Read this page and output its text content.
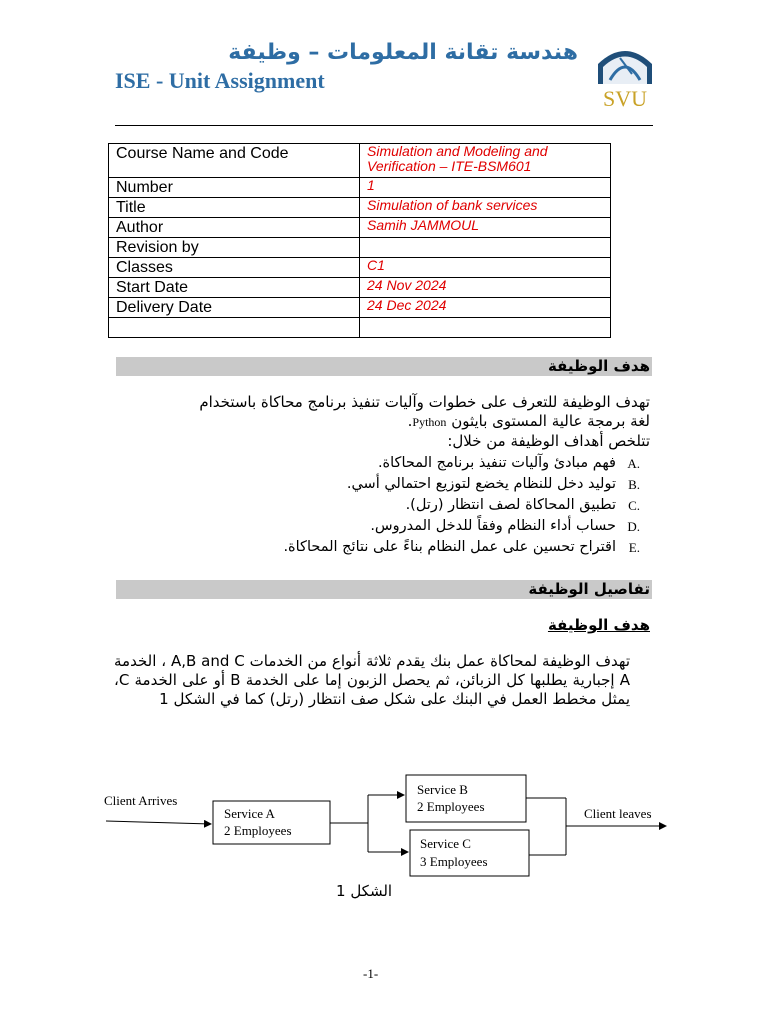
هندسة تقانة المعلومات – وظيفة
ISE - Unit Assignment
SVU
Course Name and Code	Simulation and Modeling and Verification – ITE-BSM601
Number	1
Title	Simulation of bank services
Author	Samih JAMMOUL
Revision by	
Classes	C1
Start Date	24 Nov 2024
Delivery Date	24 Dec 2024

هدف الوظيفة
تهدف الوظيفة للتعرف على خطوات وآليات تنفيذ برنامج محاكاة باستخدام
لغة برمجة عالية المستوى بايثون Python.
تتلخص أهداف الوظيفة من خلال:
A.
فهم مبادئ وآليات تنفيذ برنامج المحاكاة.
B.
توليد دخل للنظام يخضع لتوزيع احتمالي أسي.
C.
تطبيق المحاكاة لصف انتظار (رتل).
D.
حساب أداء النظام وفقاً للدخل المدروس.
E.
اقتراح تحسين على عمل النظام بناءً على نتائج المحاكاة.
تفاصيل الوظيفة
هدف الوظيفة
تهدف الوظيفة لمحاكاة عمل بنك يقدم ثلاثة أنواع من الخدمات A,B and C ، الخدمة A إجبارية يطلبها كل الزبائن، ثم يحصل الزبون إما على الخدمة B أو على الخدمة C، يمثل مخطط العمل في البنك على شكل صف انتظار (رتل) كما في الشكل 1
Client Arrives
Client leaves
Service A
2 Employees
Service B
2 Employees
Service C
3 Employees
الشكل 1
-1-
